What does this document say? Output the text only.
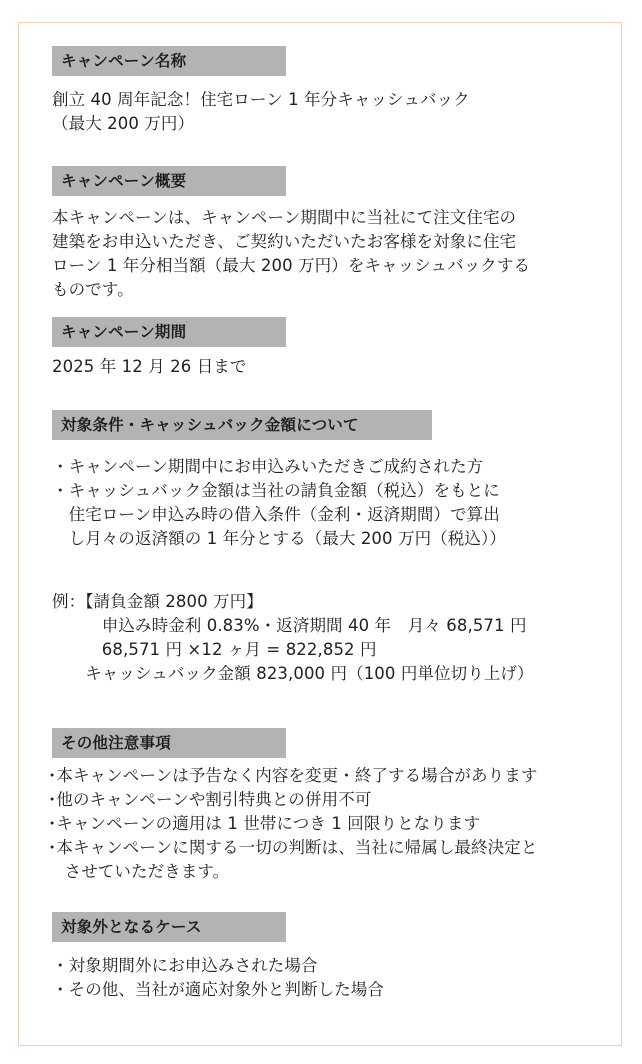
キャンペーン名称
創立 40 周年記念！住宅ローン 1 年分キャッシュバック
（最大 200 万円）
キャンペーン概要
本キャンペーンは、キャンペーン期間中に当社にて注文住宅の
建築をお申込いただき、ご契約いただいたお客様を対象に住宅
ローン 1 年分相当額（最大 200 万円）をキャッシュバックする
ものです。
キャンペーン期間
2025 年 12 月 26 日まで
対象条件・キャッシュバック金額について
・キャンペーン期間中にお申込みいただきご成約された方
・キャッシュバック金額は当社の請負金額（税込）をもとに
　住宅ローン申込み時の借入条件（金利・返済期間）で算出
　し月々の返済額の 1 年分とする（最大 200 万円（税込））
例：【請負金額 2800 万円】
　　　申込み時金利 0.83%・返済期間 40 年　月々 68,571 円
　　　68,571 円 ×12 ヶ月 = 822,852 円
　　キャッシュバック金額 823,000 円（100 円単位切り上げ）
その他注意事項
･本キャンペーンは予告なく内容を変更・終了する場合があります
･他のキャンペーンや割引特典との併用不可
･キャンペーンの適用は 1 世帯につき 1 回限りとなります
･本キャンペーンに関する一切の判断は、当社に帰属し最終決定と
　させていただきます。
対象外となるケース
・対象期間外にお申込みされた場合
・その他、当社が適応対象外と判断した場合
